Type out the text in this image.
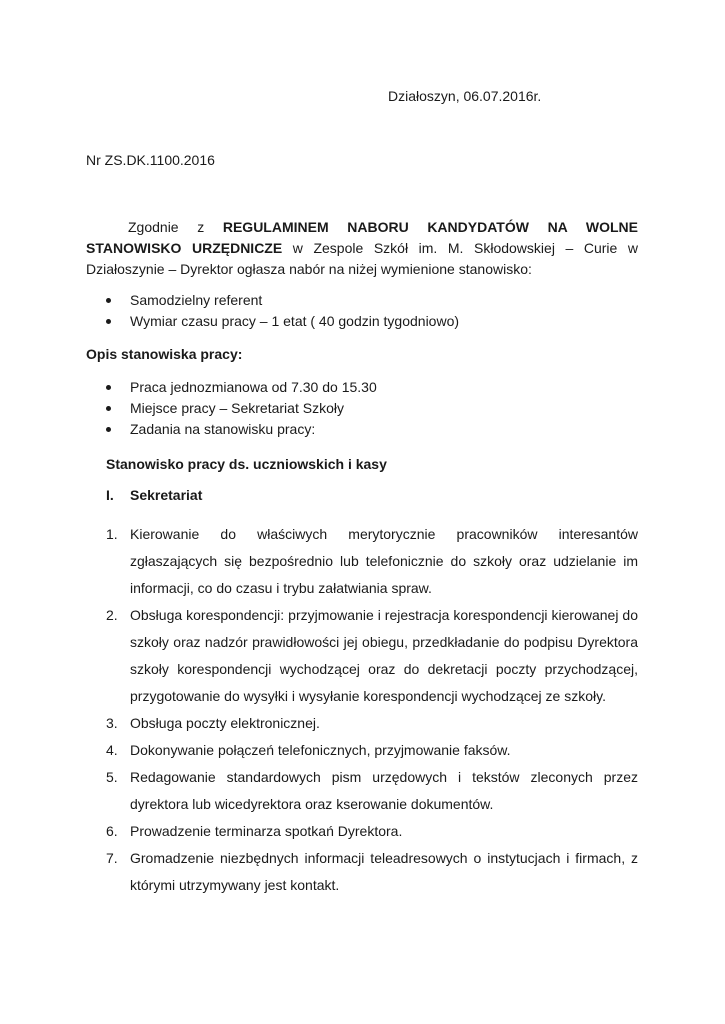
Działoszyn, 06.07.2016r.
Nr ZS.DK.1100.2016

Zgodnie z REGULAMINEM NABORU KANDYDATÓW NA WOLNE STANOWISKO URZĘDNICZE w Zespole Szkół im. M. Skłodowskiej – Curie w Działoszynie – Dyrektor ogłasza nabór na niżej wymienione stanowisko:

Samodzielny referent
Wymiar czasu pracy – 1 etat ( 40 godzin tygodniowo)
Opis stanowiska pracy:
Praca jednozmianowa od 7.30 do 15.30
Miejsce pracy – Sekretariat Szkoły
Zadania na stanowisku pracy:
Stanowisko pracy ds. uczniowskich i kasy
I. Sekretariat
1. Kierowanie do właściwych merytorycznie pracowników interesantów zgłaszających się bezpośrednio lub telefonicznie do szkoły oraz udzielanie im informacji, co do czasu i trybu załatwiania spraw.
2. Obsługa korespondencji: przyjmowanie i rejestracja korespondencji kierowanej do szkoły oraz nadzór prawidłowości jej obiegu, przedkładanie do podpisu Dyrektora szkoły korespondencji wychodzącej oraz do dekretacji poczty przychodzącej, przygotowanie do wysyłki i wysyłanie korespondencji wychodzącej ze szkoły.
3. Obsługa poczty elektronicznej.
4. Dokonywanie połączeń telefonicznych, przyjmowanie faksów.
5. Redagowanie standardowych pism urzędowych i tekstów zleconych przez dyrektora lub wicedyrektora oraz kserowanie dokumentów.
6. Prowadzenie terminarza spotkań Dyrektora.
7. Gromadzenie niezbędnych informacji teleadresowych o instytucjach i firmach, z którymi utrzymywany jest kontakt.
